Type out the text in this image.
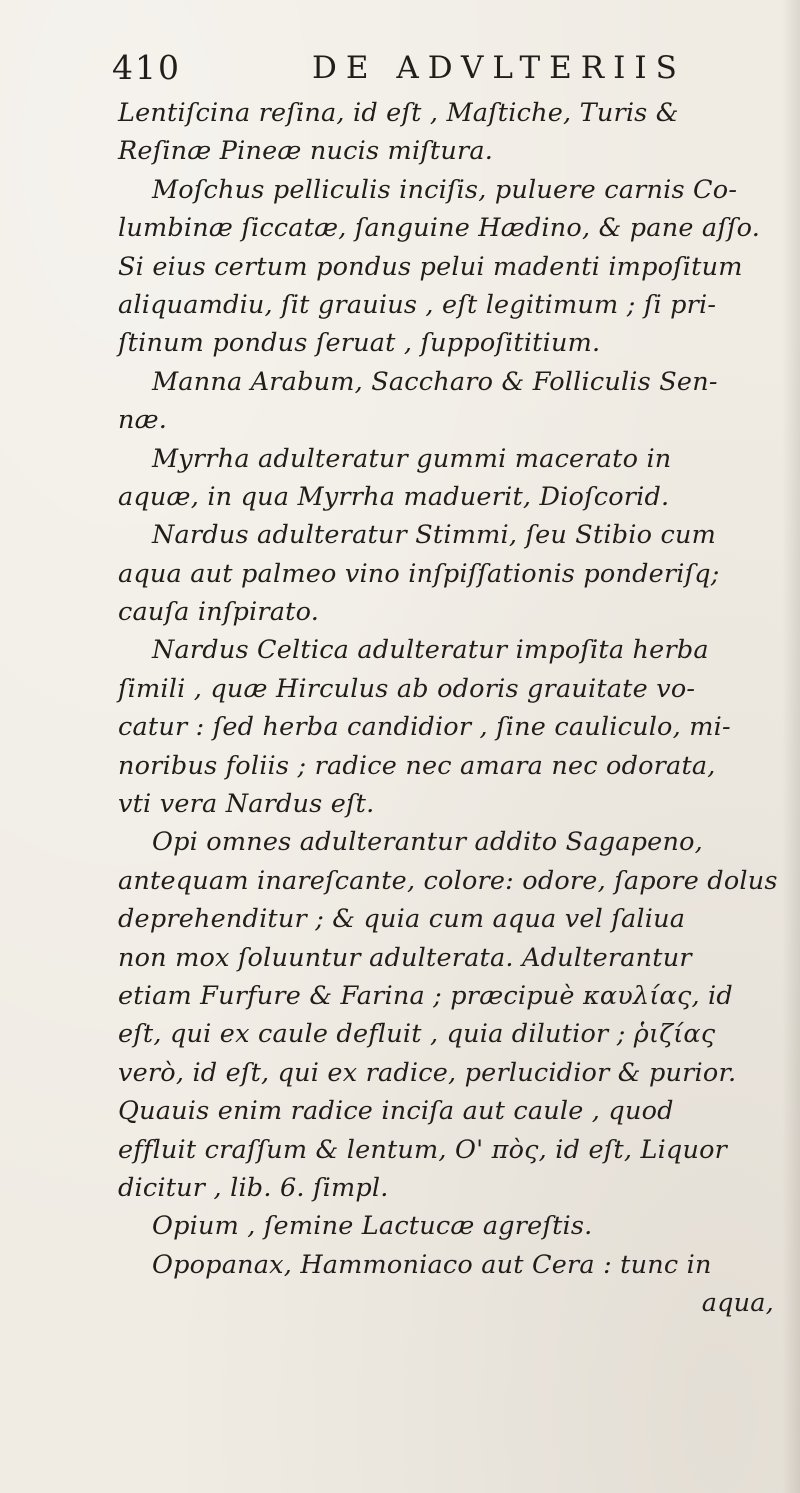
410	DE ADVLTERIIS
Lentiſcina reſina, id eſt , Maſtiche, Turis &
Reſinæ Pineæ nucis miſtura.
Moſchus pelliculis inciſis, puluere carnis Co-
lumbinæ ſiccatæ, ſanguine Hædino, & pane aſſo.
Si eius certum pondus pelui madenti impoſitum
aliquamdiu, ſit grauius , eſt legitimum ; ſi pri-
ſtinum pondus ſeruat , ſuppoſititium.
Manna Arabum, Saccharo & Folliculis Sen-
næ.
Myrrha adulteratur gummi macerato in
aquæ, in qua Myrrha maduerit, Dioſcorid.
Nardus adulteratur Stimmi, ſeu Stibio cum
aqua aut palmeo vino inſpiſſationis ponderiſq;
cauſa inſpirato.
Nardus Celtica adulteratur impoſita herba
ſimili , quæ Hirculus ab odoris grauitate vo-
catur : ſed herba candidior , ſine cauliculo, mi-
noribus foliis ; radice nec amara nec odorata,
vti vera Nardus eſt.
Opi omnes adulterantur addito Sagapeno,
antequam inareſcante, colore: odore, ſapore dolus
deprehenditur ; & quia cum aqua vel ſaliua
non mox ſoluuntur adulterata. Adulterantur
etiam Furfure & Farina ; præcipuè καυλίας, id
eſt, qui ex caule defluit , quia dilutior ; ῥιζίας
verò, id eſt, qui ex radice, perlucidior & purior.
Quauis enim radice inciſa aut caule , quod
effluit craſſum & lentum, Ο' πὸς, id eſt, Liquor
dicitur , lib. 6. ſimpl.
Opium , ſemine Lactucæ agreſtis.
Opopanax, Hammoniaco aut Cera : tunc in
aqua,
